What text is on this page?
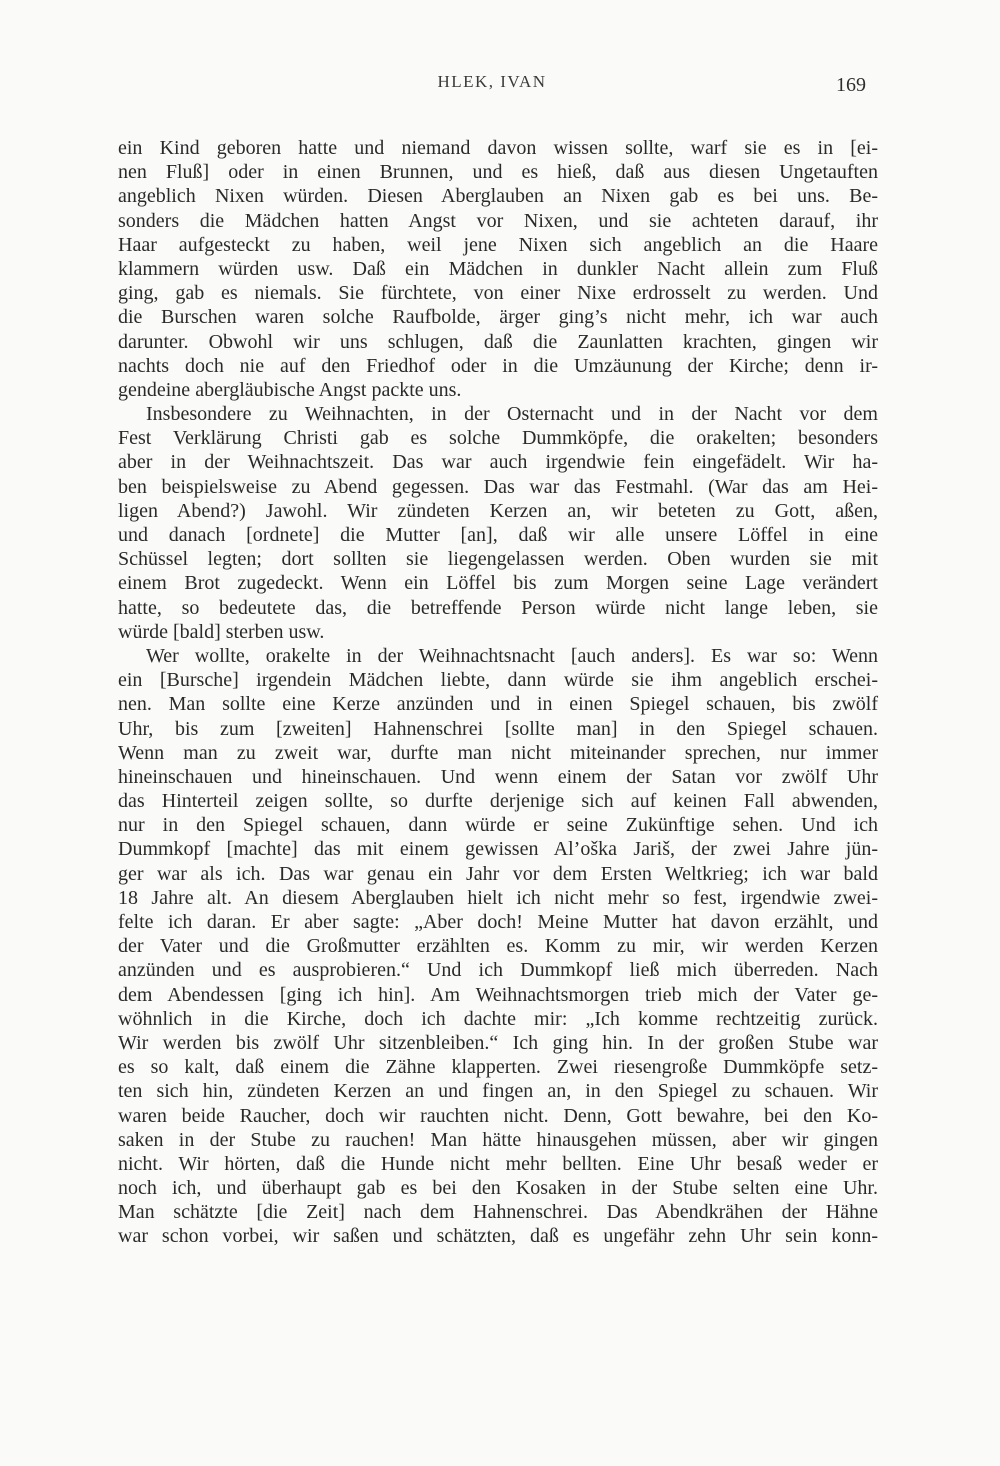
HLEK, IVAN	169
ein Kind geboren hatte und niemand davon wissen sollte, warf sie es in [ei-
nen Fluß] oder in einen Brunnen, und es hieß, daß aus diesen Ungetauften
angeblich Nixen würden. Diesen Aberglauben an Nixen gab es bei uns. Be-
sonders die Mädchen hatten Angst vor Nixen, und sie achteten darauf, ihr
Haar aufgesteckt zu haben, weil jene Nixen sich angeblich an die Haare
klammern würden usw. Daß ein Mädchen in dunkler Nacht allein zum Fluß
ging, gab es niemals. Sie fürchtete, von einer Nixe erdrosselt zu werden. Und
die Burschen waren solche Raufbolde, ärger ging’s nicht mehr, ich war auch
darunter. Obwohl wir uns schlugen, daß die Zaunlatten krachten, gingen wir
nachts doch nie auf den Friedhof oder in die Umzäunung der Kirche; denn ir-
gendeine abergläubische Angst packte uns.
Insbesondere zu Weihnachten, in der Osternacht und in der Nacht vor dem
Fest Verklärung Christi gab es solche Dummköpfe, die orakelten; besonders
aber in der Weihnachtszeit. Das war auch irgendwie fein eingefädelt. Wir ha-
ben beispielsweise zu Abend gegessen. Das war das Festmahl. (War das am Hei-
ligen Abend?) Jawohl. Wir zündeten Kerzen an, wir beteten zu Gott, aßen,
und danach [ordnete] die Mutter [an], daß wir alle unsere Löffel in eine
Schüssel legten; dort sollten sie liegengelassen werden. Oben wurden sie mit
einem Brot zugedeckt. Wenn ein Löffel bis zum Morgen seine Lage verändert
hatte, so bedeutete das, die betreffende Person würde nicht lange leben, sie
würde [bald] sterben usw.
Wer wollte, orakelte in der Weihnachtsnacht [auch anders]. Es war so: Wenn
ein [Bursche] irgendein Mädchen liebte, dann würde sie ihm angeblich erschei-
nen. Man sollte eine Kerze anzünden und in einen Spiegel schauen, bis zwölf
Uhr, bis zum [zweiten] Hahnenschrei [sollte man] in den Spiegel schauen.
Wenn man zu zweit war, durfte man nicht miteinander sprechen, nur immer
hineinschauen und hineinschauen. Und wenn einem der Satan vor zwölf Uhr
das Hinterteil zeigen sollte, so durfte derjenige sich auf keinen Fall abwenden,
nur in den Spiegel schauen, dann würde er seine Zukünftige sehen. Und ich
Dummkopf [machte] das mit einem gewissen Al’oška Jariš, der zwei Jahre jün-
ger war als ich. Das war genau ein Jahr vor dem Ersten Weltkrieg; ich war bald
18 Jahre alt. An diesem Aberglauben hielt ich nicht mehr so fest, irgendwie zwei-
felte ich daran. Er aber sagte: „Aber doch! Meine Mutter hat davon erzählt, und
der Vater und die Großmutter erzählten es. Komm zu mir, wir werden Kerzen
anzünden und es ausprobieren.“ Und ich Dummkopf ließ mich überreden. Nach
dem Abendessen [ging ich hin]. Am Weihnachtsmorgen trieb mich der Vater ge-
wöhnlich in die Kirche, doch ich dachte mir: „Ich komme rechtzeitig zurück.
Wir werden bis zwölf Uhr sitzenbleiben.“ Ich ging hin. In der großen Stube war
es so kalt, daß einem die Zähne klapperten. Zwei riesengroße Dummköpfe setz-
ten sich hin, zündeten Kerzen an und fingen an, in den Spiegel zu schauen. Wir
waren beide Raucher, doch wir rauchten nicht. Denn, Gott bewahre, bei den Ko-
saken in der Stube zu rauchen! Man hätte hinausgehen müssen, aber wir gingen
nicht. Wir hörten, daß die Hunde nicht mehr bellten. Eine Uhr besaß weder er
noch ich, und überhaupt gab es bei den Kosaken in der Stube selten eine Uhr.
Man schätzte [die Zeit] nach dem Hahnenschrei. Das Abendkrähen der Hähne
war schon vorbei, wir saßen und schätzten, daß es ungefähr zehn Uhr sein konn-
